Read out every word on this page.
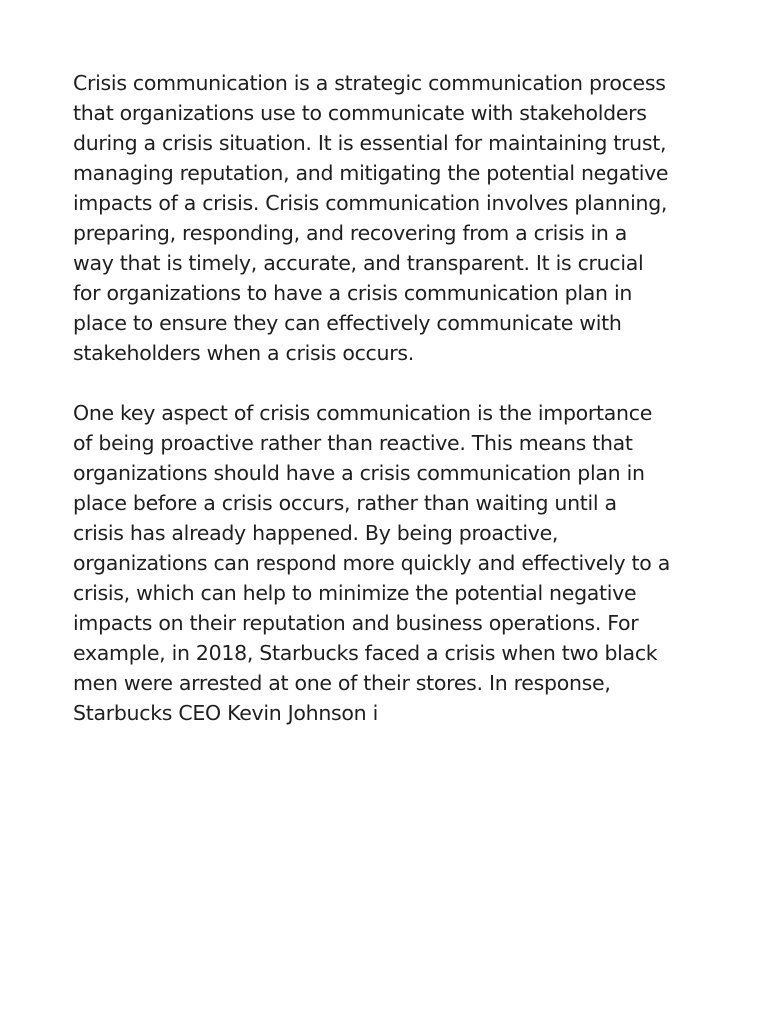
Crisis communication is a strategic communication process
that organizations use to communicate with stakeholders
during a crisis situation. It is essential for maintaining trust,
managing reputation, and mitigating the potential negative
impacts of a crisis. Crisis communication involves planning,
preparing, responding, and recovering from a crisis in a
way that is timely, accurate, and transparent. It is crucial
for organizations to have a crisis communication plan in
place to ensure they can effectively communicate with
stakeholders when a crisis occurs.

One key aspect of crisis communication is the importance
of being proactive rather than reactive. This means that
organizations should have a crisis communication plan in
place before a crisis occurs, rather than waiting until a
crisis has already happened. By being proactive,
organizations can respond more quickly and effectively to a
crisis, which can help to minimize the potential negative
impacts on their reputation and business operations. For
example, in 2018, Starbucks faced a crisis when two black
men were arrested at one of their stores. In response,
Starbucks CEO Kevin Johnson i
